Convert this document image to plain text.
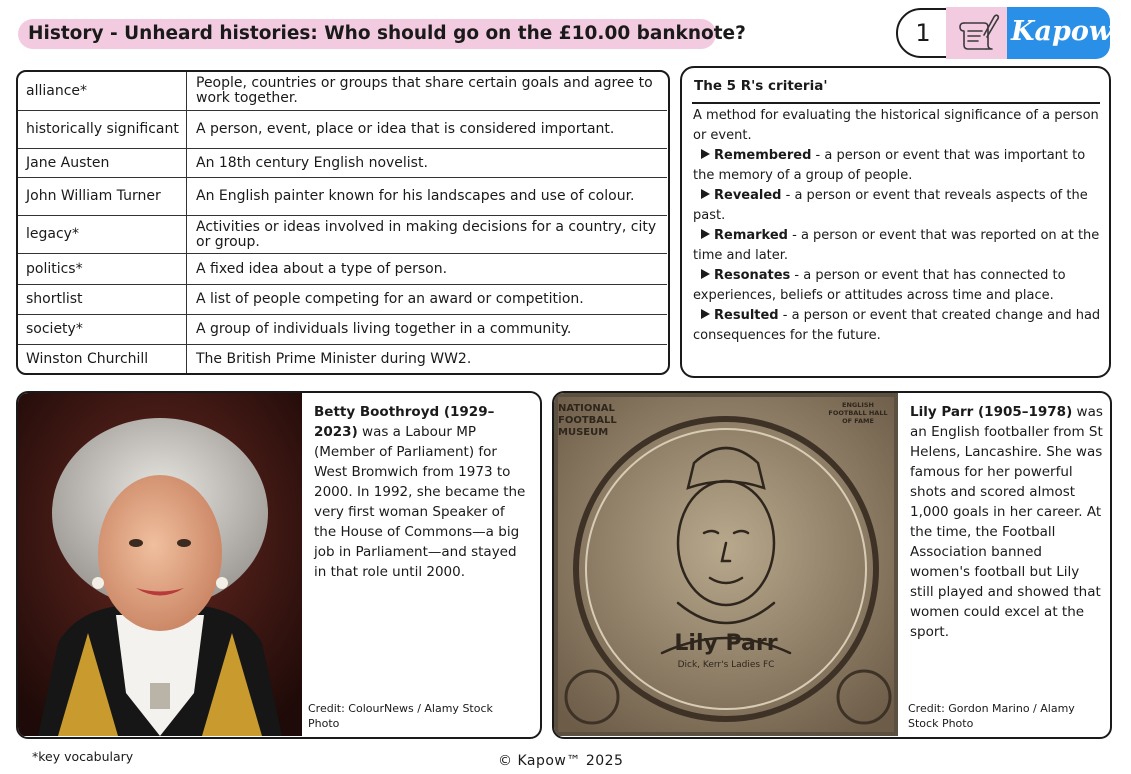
History - Unheard histories: Who should go on the £10.00 banknote?	1	Kapow
alliance*	People, countries or groups that share certain goals and agree to work together.
historically significant	A person, event, place or idea that is considered important.
Jane Austen	An 18th century English novelist.
John William Turner	An English painter known for his landscapes and use of colour.
legacy*	Activities or ideas involved in making decisions for a country, city or group.
politics*	A fixed idea about a type of person.
shortlist	A list of people competing for an award or competition.
society*	A group of individuals living together in a community.
Winston Churchill	The British Prime Minister during WW2.
The 5 R's criteria'

A method for evaluating the historical significance of a person or event.

Remembered - a person or event that was important to the memory of a group of people.

Revealed - a person or event that reveals aspects of the past.

Remarked - a person or event that was reported on at the time and later.

Resonates - a person or event that has connected to experiences, beliefs or attitudes across time and place.

Resulted - a person or event that created change and had consequences for the future.

Betty Boothroyd (1929–2023) was a Labour MP (Member of Parliament) for West Bromwich from 1973 to 2000. In 1992, she became the very first woman Speaker of the House of Commons—a big job in Parliament—and stayed in that role until 2000.
Credit: ColourNews / Alamy Stock Photo
NATIONAL
FOOTBALL
MUSEUM
ENGLISH FOOTBALL HALL OF FAME
Lily Parr
Dick, Kerr's Ladies FC
Lily Parr (1905–1978) was an English footballer from St Helens, Lancashire. She was famous for her powerful shots and scored almost 1,000 goals in her career. At the time, the Football Association banned women's football but Lily still played and showed that women could excel at the sport.
Credit: Gordon Marino / Alamy Stock Photo
*key vocabulary	© Kapow™ 2025
